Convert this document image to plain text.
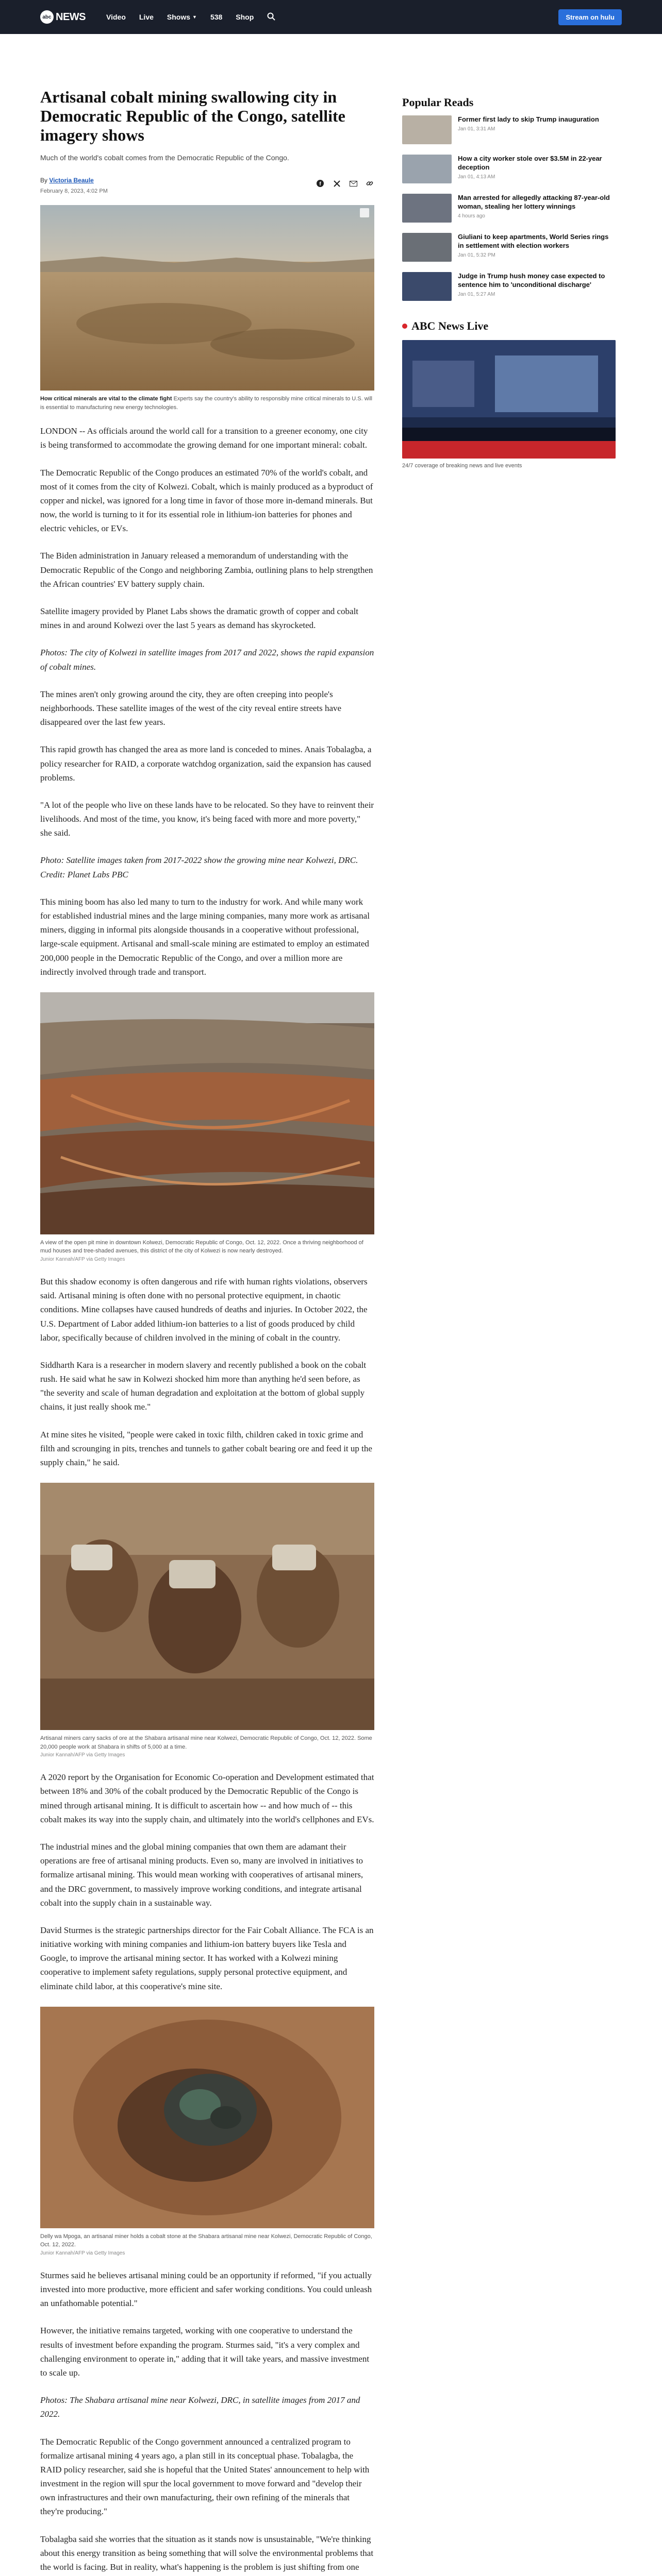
abc NEWS	Video Live Shows ▼ 538 Shop	Stream on hulu
Artisanal cobalt mining swallowing city in Democratic Republic of the Congo, satellite imagery shows

Much of the world's cobalt comes from the Democratic Republic of the Congo.

By Victoria Beaule
February 8, 2023, 4:02 PM
f
How critical minerals are vital to the climate fight Experts say the country's ability to responsibly mine critical minerals to U.S. will is essential to manufacturing new energy technologies.

LONDON -- As officials around the world call for a transition to a greener economy, one city is being transformed to accommodate the growing demand for one important mineral: cobalt.

The Democratic Republic of the Congo produces an estimated 70% of the world's cobalt, and most of it comes from the city of Kolwezi. Cobalt, which is mainly produced as a byproduct of copper and nickel, was ignored for a long time in favor of those more in-demand minerals. But now, the world is turning to it for its essential role in lithium-ion batteries for phones and electric vehicles, or EVs.

The Biden administration in January released a memorandum of understanding with the Democratic Republic of the Congo and neighboring Zambia, outlining plans to help strengthen the African countries' EV battery supply chain.

Satellite imagery provided by Planet Labs shows the dramatic growth of copper and cobalt mines in and around Kolwezi over the last 5 years as demand has skyrocketed.

Photos: The city of Kolwezi in satellite images from 2017 and 2022, shows the rapid expansion of cobalt mines.

The mines aren't only growing around the city, they are often creeping into people's neighborhoods. These satellite images of the west of the city reveal entire streets have disappeared over the last few years.

This rapid growth has changed the area as more land is conceded to mines. Anais Tobalagba, a policy researcher for RAID, a corporate watchdog organization, said the expansion has caused problems.

"A lot of the people who live on these lands have to be relocated. So they have to reinvent their livelihoods. And most of the time, you know, it's being faced with more and more poverty," she said.

Photo: Satellite images taken from 2017-2022 show the growing mine near Kolwezi, DRC. Credit: Planet Labs PBC

This mining boom has also led many to turn to the industry for work. And while many work for established industrial mines and the large mining companies, many more work as artisanal miners, digging in informal pits alongside thousands in a cooperative without professional, large-scale equipment. Artisanal and small-scale mining are estimated to employ an estimated 200,000 people in the Democratic Republic of the Congo, and over a million more are indirectly involved through trade and transport.

A view of the open pit mine in downtown Kolwezi, Democratic Republic of Congo, Oct. 12, 2022. Once a thriving neighborhood of mud houses and tree-shaded avenues, this district of the city of Kolwezi is now nearly destroyed.
Junior Kannah/AFP via Getty Images

But this shadow economy is often dangerous and rife with human rights violations, observers said. Artisanal mining is often done with no personal protective equipment, in chaotic conditions. Mine collapses have caused hundreds of deaths and injuries. In October 2022, the U.S. Department of Labor added lithium-ion batteries to a list of goods produced by child labor, specifically because of children involved in the mining of cobalt in the country.

Siddharth Kara is a researcher in modern slavery and recently published a book on the cobalt rush. He said what he saw in Kolwezi shocked him more than anything he'd seen before, as "the severity and scale of human degradation and exploitation at the bottom of global supply chains, it just really shook me."

At mine sites he visited, "people were caked in toxic filth, children caked in toxic grime and filth and scrounging in pits, trenches and tunnels to gather cobalt bearing ore and feed it up the supply chain," he said.

Artisanal miners carry sacks of ore at the Shabara artisanal mine near Kolwezi, Democratic Republic of Congo, Oct. 12, 2022. Some 20,000 people work at Shabara in shifts of 5,000 at a time.
Junior Kannah/AFP via Getty Images

A 2020 report by the Organisation for Economic Co-operation and Development estimated that between 18% and 30% of the cobalt produced by the Democratic Republic of the Congo is mined through artisanal mining. It is difficult to ascertain how -- and how much of -- this cobalt makes its way into the supply chain, and ultimately into the world's cellphones and EVs.

The industrial mines and the global mining companies that own them are adamant their operations are free of artisanal mining products. Even so, many are involved in initiatives to formalize artisanal mining. This would mean working with cooperatives of artisanal miners, and the DRC government, to massively improve working conditions, and integrate artisanal cobalt into the supply chain in a sustainable way.

David Sturmes is the strategic partnerships director for the Fair Cobalt Alliance. The FCA is an initiative working with mining companies and lithium-ion battery buyers like Tesla and Google, to improve the artisanal mining sector. It has worked with a Kolwezi mining cooperative to implement safety regulations, supply personal protective equipment, and eliminate child labor, at this cooperative's mine site.

Delly wa Mpoga, an artisanal miner holds a cobalt stone at the Shabara artisanal mine near Kolwezi, Democratic Republic of Congo, Oct. 12, 2022.
Junior Kannah/AFP via Getty Images

Sturmes said he believes artisanal mining could be an opportunity if reformed, "if you actually invested into more productive, more efficient and safer working conditions. You could unleash an unfathomable potential."

However, the initiative remains targeted, working with one cooperative to understand the results of investment before expanding the program. Sturmes said, "it's a very complex and challenging environment to operate in," adding that it will take years, and massive investment to scale up.

Photos: The Shabara artisanal mine near Kolwezi, DRC, in satellite images from 2017 and 2022.

The Democratic Republic of the Congo government announced a centralized program to formalize artisanal mining 4 years ago, a plan still in its conceptual phase. Tobalagba, the RAID policy researcher, said she is hopeful that the United States' announcement to help with investment in the region will spur the local government to move forward and "develop their own infrastructures and their own manufacturing, their own refining of the minerals that they're producing."

Tobalagba said she worries that the situation as it stands now is unsustainable, "We're thinking about this energy transition as being something that will solve the environmental problems that the world is facing. But in reality, what's happening is the problem is just shifting from one

Popular Reads
Former first lady to skip Trump inauguration
Jan 01, 3:31 AM
How a city worker stole over $3.5M in 22-year deception
Jan 01, 4:13 AM
Man arrested for allegedly attacking 87-year-old woman, stealing her lottery winnings
4 hours ago
Giuliani to keep apartments, World Series rings in settlement with election workers
Jan 01, 5:32 PM
Judge in Trump hush money case expected to sentence him to 'unconditional discharge'
Jan 01, 5:27 AM
ABC News Live
24/7 coverage of breaking news and live events
